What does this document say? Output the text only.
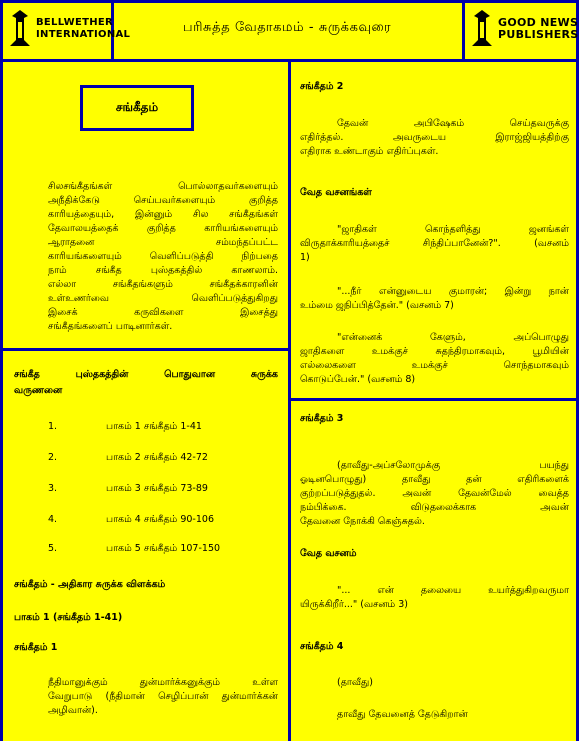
BELLWETHER
INTERNATIONAL	பரிசுத்த வேதாகமம் - சுருக்கவுரை	GOOD NEWS
PUBLISHERS
சங்கீதம்
சிலசங்கீதங்கள் பொல்லாதவர்களையும்
அநீதிக்கேடு செய்பவர்களையும் குறித்த
காரியத்தையும், இன்னும் சில சங்கீதங்கள்
தேவாலயத்தைக் குறித்த காரியங்களையும்
ஆராதனை சம்மந்தப்பட்ட
காரியங்களையும் வெளிப்படுத்தி நிற்பதை
நாம் சங்கீத புஸ்தகத்தில் காணலாம்.
எல்லா சங்கீதங்களும் சங்கீதக்காரனின்
உள்உணர்வை வெளிப்படுத்துகிறது
இசைக் கருவிகளை இசைத்து
சங்கீதங்களைப் பாடினார்கள்.
சங்கீத புஸ்தகத்தின் பொதுவான சுருக்க
வருணனை
1.	பாகம் 1 சங்கீதம் 1-41
2.	பாகம் 2 சங்கீதம் 42-72
3.	பாகம் 3 சங்கீதம் 73-89
4.	பாகம் 4 சங்கீதம் 90-106
5.	பாகம் 5 சங்கீதம் 107-150
சங்கீதம் - அதிகார சுருக்க விளக்கம்
பாகம் 1 (சங்கீதம் 1-41)
சங்கீதம் 1
நீதிமானுக்கும் துன்மார்க்கனுக்கும் உள்ள
வேறுபாடு (நீதிமான் செழிப்பான் துன்மார்க்கன்
அழிவான்).
சங்கீதம் 2
தேவன் அபிஷேகம் செய்தவருக்கு
எதிர்த்தல். அவருடைய இராஜ்ஜியத்திற்கு
எதிராக உண்டாகும் எதிர்ப்புகள்.
வேத வசனங்கள்
"ஜாதிகள் கொந்தளித்து ஜனங்கள்
விருதாக்காரியத்தைச் சிந்திப்பானேன்?". (வசனம்
1)
"...நீர் என்னுடைய குமாரன்; இன்று நான்
உம்மை ஜநிப்பித்தேன்." (வசனம் 7)
"என்னைக் கேளும், அப்பொழுது
ஜாதிகளை உமக்குச் சுதந்திரமாகவும், பூமியின்
எல்லைகளை உமக்குச் சொந்தமாகவும்
கொடுப்பேன்." (வசனம் 8)
சங்கீதம் 3
(தாவீது-அப்சலோமுக்கு பயந்து
ஓடினபொழுது) தாவீது தன் எதிரிகளைக்
குற்றப்படுத்துதல். அவன் தேவன்மேல் வைத்த
நம்பிக்கை. விடுதலைக்காக அவன்
தேவனை நோக்கி கெஞ்சுதல்.
வேத வசனம்
"... என் தலையை உயர்த்துகிறவருமா
யிருக்கிறீர்..." (வசனம் 3)
சங்கீதம் 4
(தாவீது)
தாவீது தேவனைத் தேடுகிறான்
